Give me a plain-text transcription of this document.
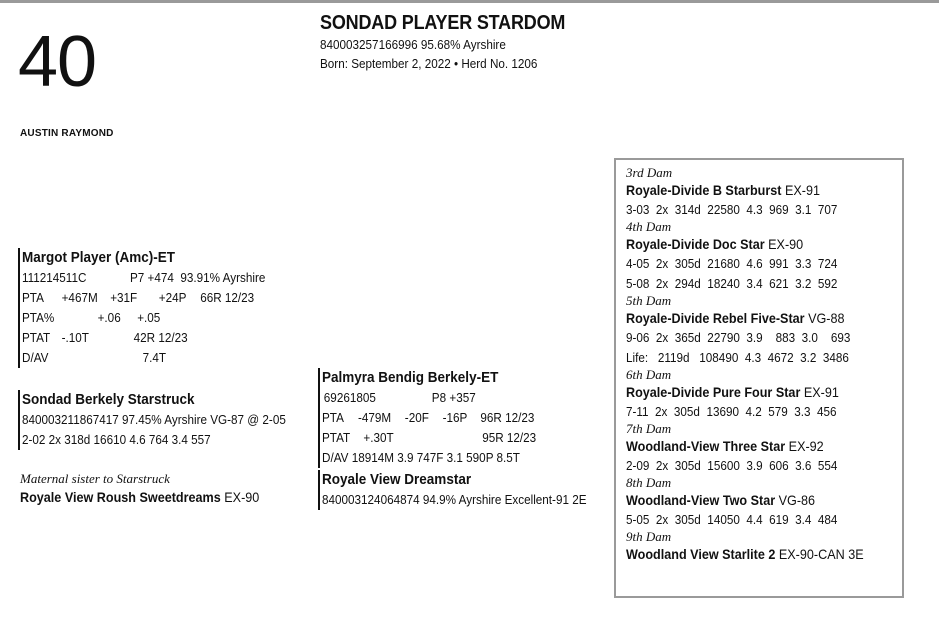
40
AUSTIN RAYMOND
SONDAD PLAYER STARDOM
840003257166996 95.68% Ayrshire
Born: September 2, 2022 • Herd No. 1206
Margot Player (Amc)-ET
111214511C	P7 +474 93.91% Ayrshire
PTA	+467M +31F	+24P	66R 12/23
PTA%	+.06	+.05
PTAT -.10T	42R 12/23
D/AV	7.4T
Sondad Berkely Starstruck
840003211867417 97.45% Ayrshire VG-87 @ 2-05
2-02 2x 318d 16610 4.6 764 3.4 557
Maternal sister to Starstruck
Royale View Roush Sweetdreams EX-90
Palmyra Bendig Berkely-ET
69261805	P8 +357
PTA	-479M	-20F	-16P	96R 12/23
PTAT	+.30T	95R 12/23
D/AV 18914M 3.9 747F 3.1 590P 8.5T
Royale View Dreamstar
840003124064874 94.9% Ayrshire Excellent-91 2E
3rd Dam
Royale-Divide B Starburst EX-91
3-03  2x  314d  22580  4.3  969  3.1  707
4th Dam
Royale-Divide Doc Star EX-90
4-05  2x  305d  21680  4.6  991  3.3  724
5-08  2x  294d  18240  3.4  621  3.2  592
5th Dam
Royale-Divide Rebel Five-Star VG-88
9-06  2x  365d  22790  3.9    883  3.0    693
Life:   2119d   108490  4.3  4672  3.2  3486
6th Dam
Royale-Divide Pure Four Star EX-91
7-11  2x  305d  13690  4.2  579  3.3  456
7th Dam
Woodland-View Three Star EX-92
2-09  2x  305d  15600  3.9  606  3.6  554
8th Dam
Woodland-View Two Star VG-86
5-05  2x  305d  14050  4.4  619  3.4  484
9th Dam
Woodland View Starlite 2 EX-90-CAN 3E
